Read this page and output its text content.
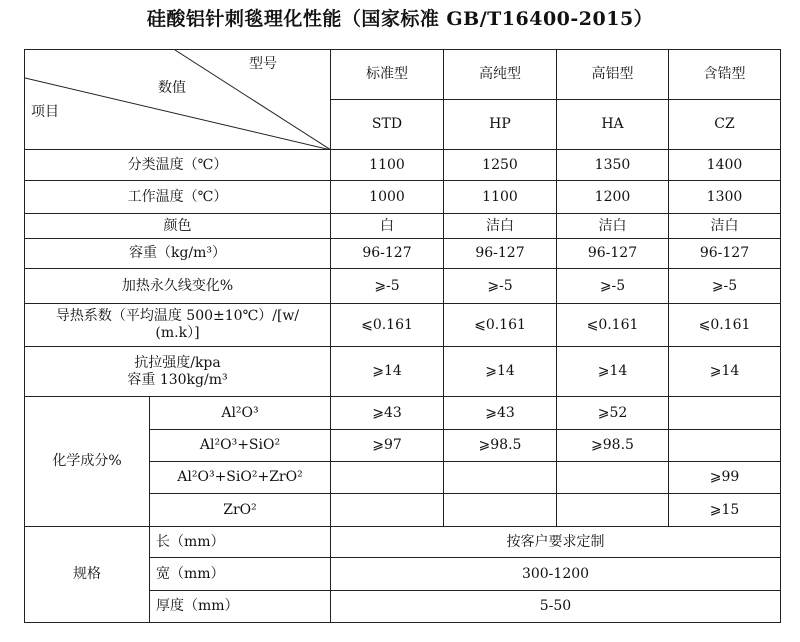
硅酸铝针刺毯理化性能（国家标准 GB/T16400-2015）
型号
数值
项目		标准型	高纯型	高铝型	含锆型
		STD	HP	HA	CZ
分类温度（℃）		1100	1250	1350	1400
工作温度（℃）		1000	1100	1200	1300
颜色		白	洁白	洁白	洁白
容重（kg/m³）		96-127	96-127	96-127	96-127
加热永久线变化%		⩾-5	⩾-5	⩾-5	⩾-5

导热系数（平均温度 500±10℃）/[w/
(m.k）]		⩽0.161	⩽0.161	⩽0.161	⩽0.161

抗拉强度/kpa
容重 130kg/m³		⩾14	⩾14	⩾14	⩾14
化学成分%	Al²O³	⩾43	⩾43	⩾52	
	Al²O³+SiO²	⩾97	⩾98.5	⩾98.5	
	Al²O³+SiO²+ZrO²				⩾99
	ZrO²				⩾15
规格	长（mm）	按客户要求定制			
	宽（mm）	300-1200			
	厚度（mm）	5-50			
